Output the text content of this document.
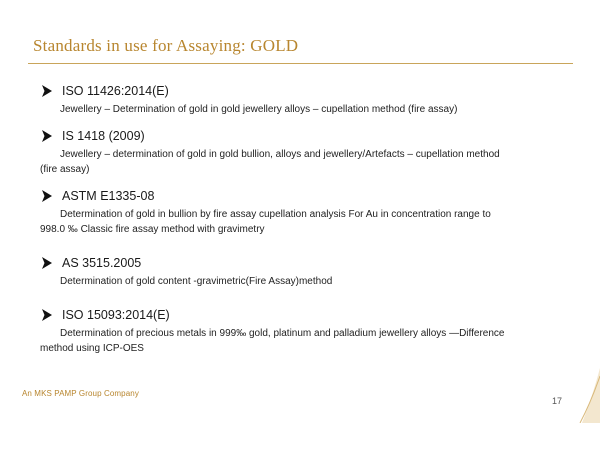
Standards in use for Assaying: GOLD
ISO 11426:2014(E)
Jewellery – Determination of gold in gold jewellery alloys – cupellation method (fire assay)
IS 1418 (2009)
Jewellery – determination of gold in gold bullion, alloys and jewellery/Artefacts – cupellation method
(fire assay)
ASTM E1335-08
Determination of gold in bullion by fire assay cupellation analysis For Au in concentration range to
998.0 ‰ Classic fire assay method with gravimetry
AS 3515.2005
Determination of gold content -gravimetric(Fire Assay)method
ISO 15093:2014(E)
Determination of precious metals in 999‰ gold, platinum and palladium jewellery alloys —Difference
method using ICP-OES
An MKS PAMP Group Company
17
